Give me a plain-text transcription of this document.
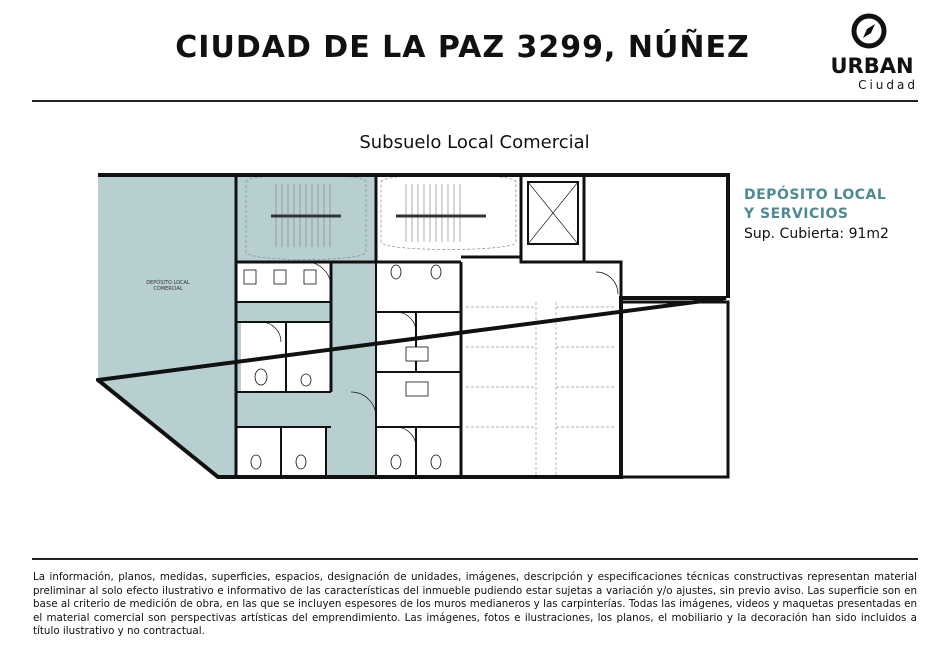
CIUDAD DE LA PAZ 3299, NÚÑEZ
URBAN
Ciudad
Subsuelo Local Comercial
DEPÓSITO LOCAL
COMERCIAL
DEPÓSITO LOCAL
Y SERVICIOS
Sup. Cubierta: 91m2
La información, planos, medidas, superficies, espacios, designación de unidades, imágenes, descripción y especificaciones técnicas constructivas representan material preliminar al solo efecto ilustrativo e informativo de las características del inmueble pudiendo estar sujetas a variación y/o ajustes, sin previo aviso. Las superficie son en base al criterio de medición de obra, en las que se incluyen espesores de los muros medianeros y las carpinterías. Todas las imágenes, videos y maquetas presentadas en el material comercial son perspectivas artísticas del emprendimiento. Las imágenes, fotos e ilustraciones, los planos, el mobiliario y la decoración han sido incluidos a título ilustrativo y no contractual.
